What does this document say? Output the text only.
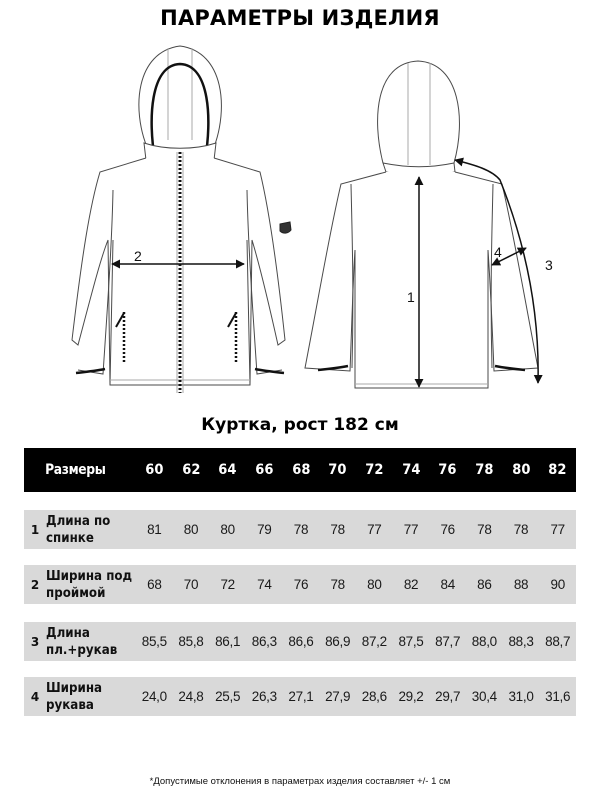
ПАРАМЕТРЫ ИЗДЕЛИЯ
2
1
3
4
Куртка, рост 182 см
Размеры	60	62	64	66	68	70	72	74	76	78	80	82
1
Длина по
спинке	81	80	80	79	78	78	77	77	76	78	78	77
2
Ширина под
проймой	68	70	72	74	76	78	80	82	84	86	88	90
3
Длина
пл.+рукав	85,5 85,8 86,1 86,3 86,6 86,9 87,2 87,5 87,7 88,0 88,3 88,7
4
Ширина
рукава	24,0 24,8 25,5 26,3 27,1 27,9 28,6 29,2 29,7 30,4 31,0 31,6
*Допустимые отклонения в параметрах изделия составляет +/- 1 см
